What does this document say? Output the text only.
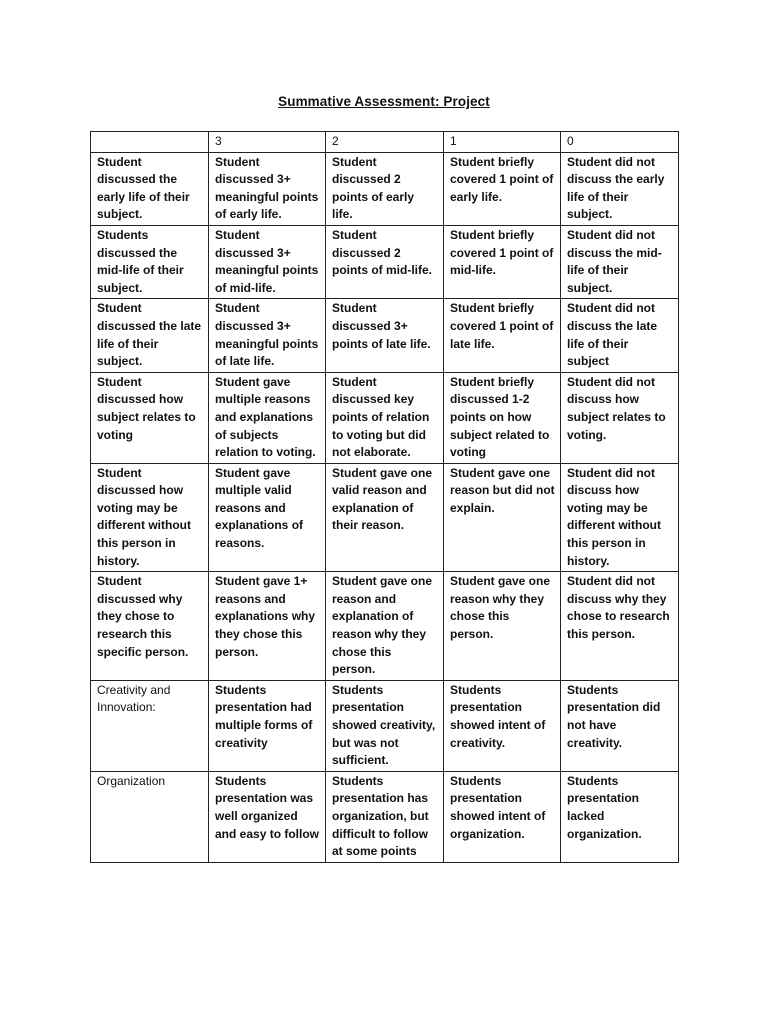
Summative Assessment: Project
	3	2	1	0
Student discussed the early life of their subject.	Student discussed 3+ meaningful points of early life.	Student discussed 2 points of early life.	Student briefly covered 1 point of early life.	Student did not discuss the early life of their subject.
Students discussed the mid-life of their subject.	Student discussed 3+ meaningful points of mid-life.	Student discussed 2 points of mid-life.	Student briefly covered 1 point of mid-life.	Student did not discuss the mid-life of their subject.
Student discussed the late life of their subject.	Student discussed 3+ meaningful points of late life.	Student discussed 3+ points of late life.	Student briefly covered 1 point of late life.	Student did not discuss the late life of their subject
Student discussed how subject relates to voting	Student gave multiple reasons and explanations of subjects relation to voting.	Student discussed key points of relation to voting but did not elaborate.	Student briefly discussed 1-2 points on how subject related to voting	Student did not discuss how subject relates to voting.
Student discussed how voting may be different without this person in history.	Student gave multiple valid reasons and explanations of reasons.	Student gave one valid reason and explanation of their reason.	Student gave one reason but did not explain.	Student did not discuss how voting may be different without this person in history.
Student discussed why they chose to research this specific person.	Student gave 1+ reasons and explanations why they chose this person.	Student gave one reason and explanation of reason why they chose this person.	Student gave one reason why they chose this person.	Student did not discuss why they chose to research this person.
Creativity and Innovation:	Students presentation had multiple forms of creativity	Students presentation showed creativity, but was not sufficient.	Students presentation showed intent of creativity.	Students presentation did not have creativity.
Organization	Students presentation was well organized and easy to follow	Students presentation has organization, but difficult to follow at some points	Students presentation showed intent of organization.	Students presentation lacked organization.
